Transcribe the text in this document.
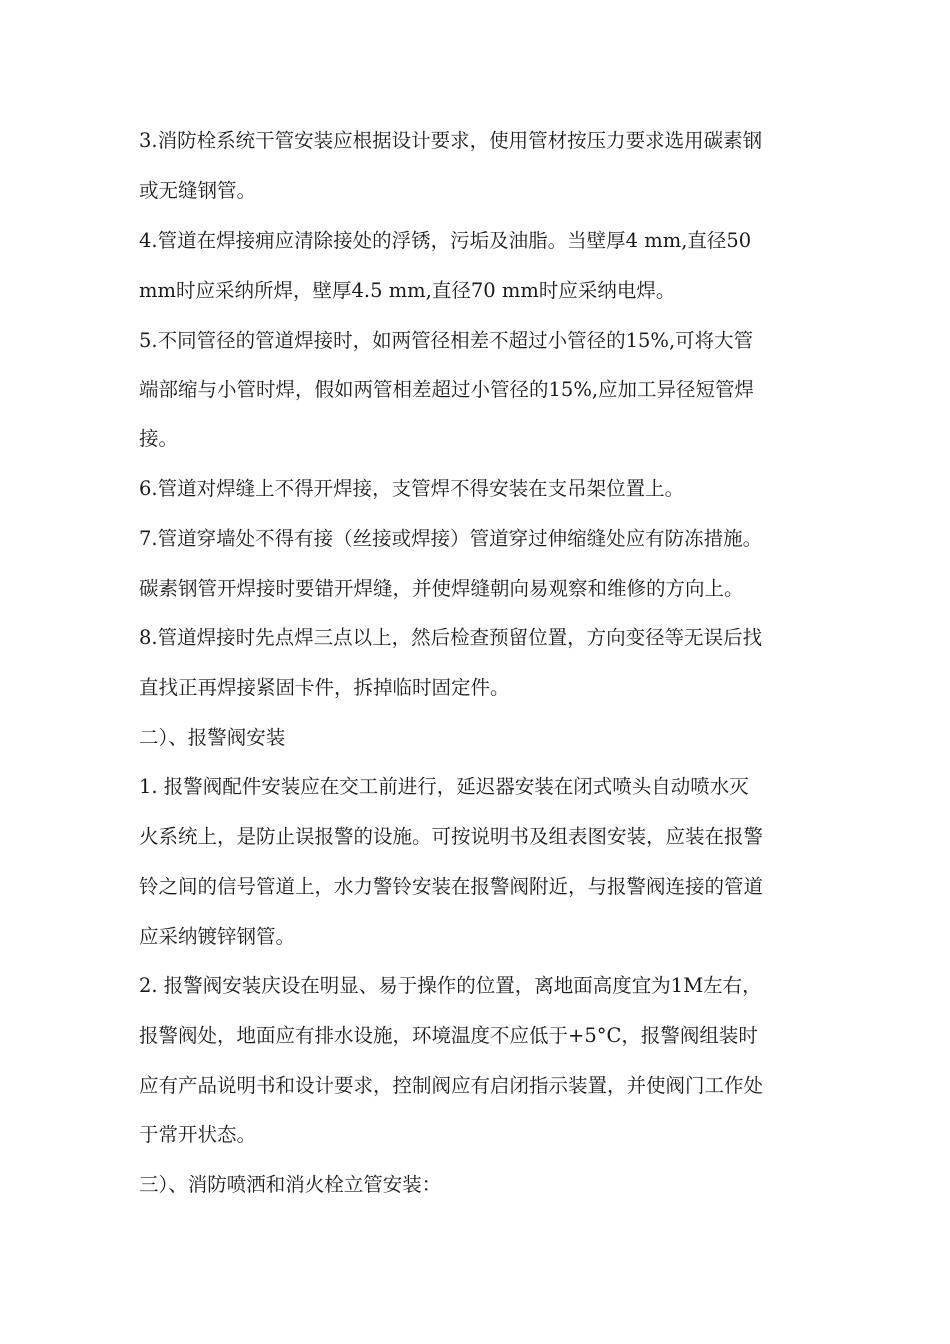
3.消防栓系统干管安装应根据设计要求，使用管材按压力要求选用碳素钢
或无缝钢管。
4.管道在焊接痈应清除接处的浮锈，污垢及油脂。当壁厚4 mm,直径50
mm时应采纳所焊，壁厚4.5 mm,直径70 mm时应采纳电焊。
5.不同管径的管道焊接时，如两管径相差不超过小管径的15%,可将大管
端部缩与小管时焊，假如两管相差超过小管径的15%,应加工异径短管焊
接。
6.管道对焊缝上不得开焊接，支管焊不得安装在支吊架位置上。
7.管道穿墙处不得有接（丝接或焊接）管道穿过伸缩缝处应有防冻措施。
碳素钢管开焊接时要错开焊缝，并使焊缝朝向易观察和维修的方向上。
8.管道焊接时先点焊三点以上，然后检查预留位置，方向变径等无误后找
直找正再焊接紧固卡件，拆掉临时固定件。
二）、报警阀安装
1. 报警阀配件安装应在交工前进行，延迟器安装在闭式喷头自动喷水灭
火系统上，是防止误报警的设施。可按说明书及组表图安装，应装在报警
铃之间的信号管道上，水力警铃安装在报警阀附近，与报警阀连接的管道
应采纳镀锌钢管。
2. 报警阀安装庆设在明显、易于操作的位置，离地面高度宜为1M左右，
报警阀处，地面应有排水设施，环境温度不应低于+5°C，报警阀组装时
应有产品说明书和设计要求，控制阀应有启闭指示装置，并使阀门工作处
于常开状态。
三）、消防喷洒和消火栓立管安装：
